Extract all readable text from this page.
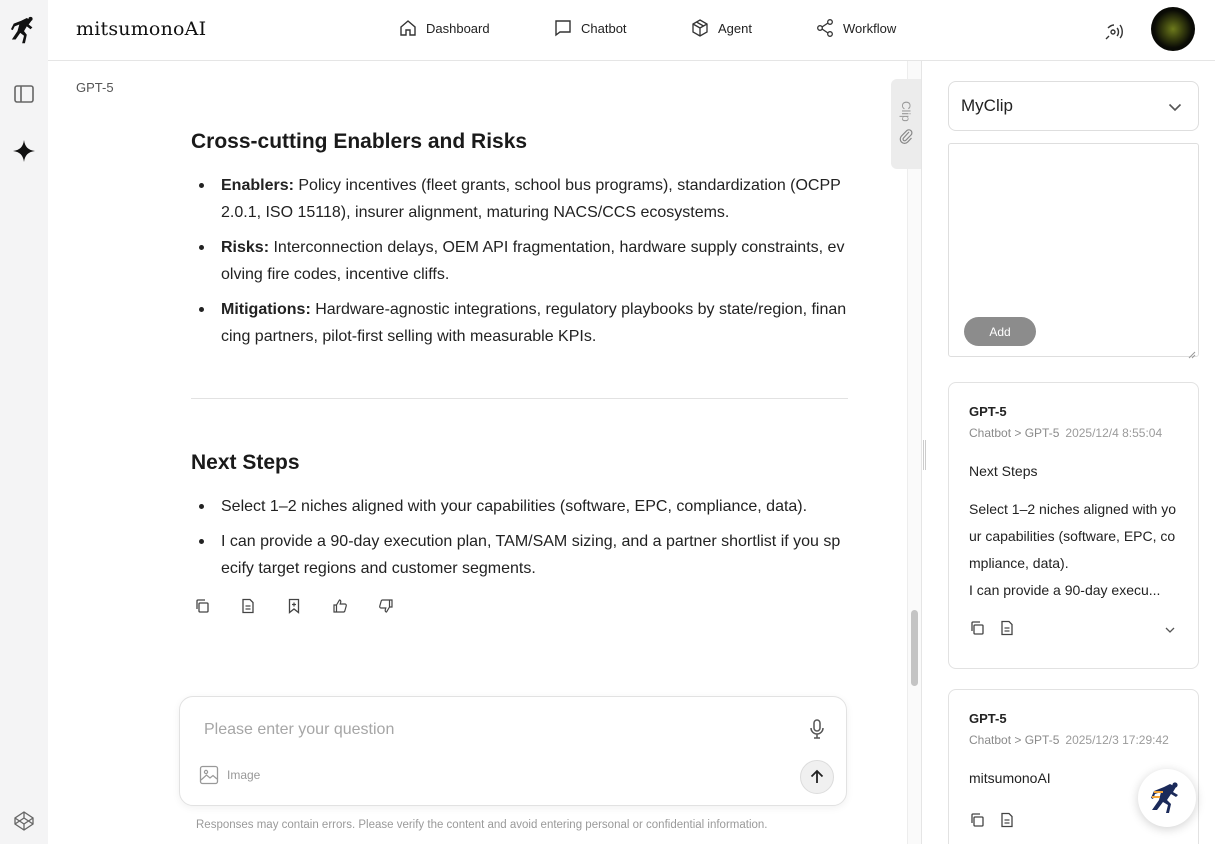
mitsumonoAI	Dashboard	Chatbot	Agent	Workflow
GPT-5
Cross-cutting Enablers and Risks
Enablers: Policy incentives (fleet grants, school bus programs), standardization (OCPP 2.0.1, ISO 15118), insurer alignment, maturing NACS/CCS ecosystems.
Risks: Interconnection delays, OEM API fragmentation, hardware supply constraints, evolving fire codes, incentive cliffs.
Mitigations: Hardware-agnostic integrations, regulatory playbooks by state/region, financing partners, pilot-first selling with measurable KPIs.
Next Steps
Select 1–2 niches aligned with your capabilities (software, EPC, compliance, data).
I can provide a 90-day execution plan, TAM/SAM sizing, and a partner shortlist if you specify target regions and customer segments.
Clip
Please enter your question
Image
Responses may contain errors. Please verify the content and avoid entering personal or confidential information.
MyClip
Add
GPT-5
Chatbot > GPT-5 2025/12/4 8:55:04
Next Steps
Select 1–2 niches aligned with your capabilities (software, EPC, compliance, data).
I can provide a 90-day execu...
GPT-5
Chatbot > GPT-5 2025/12/3 17:29:42
mitsumonoAI
